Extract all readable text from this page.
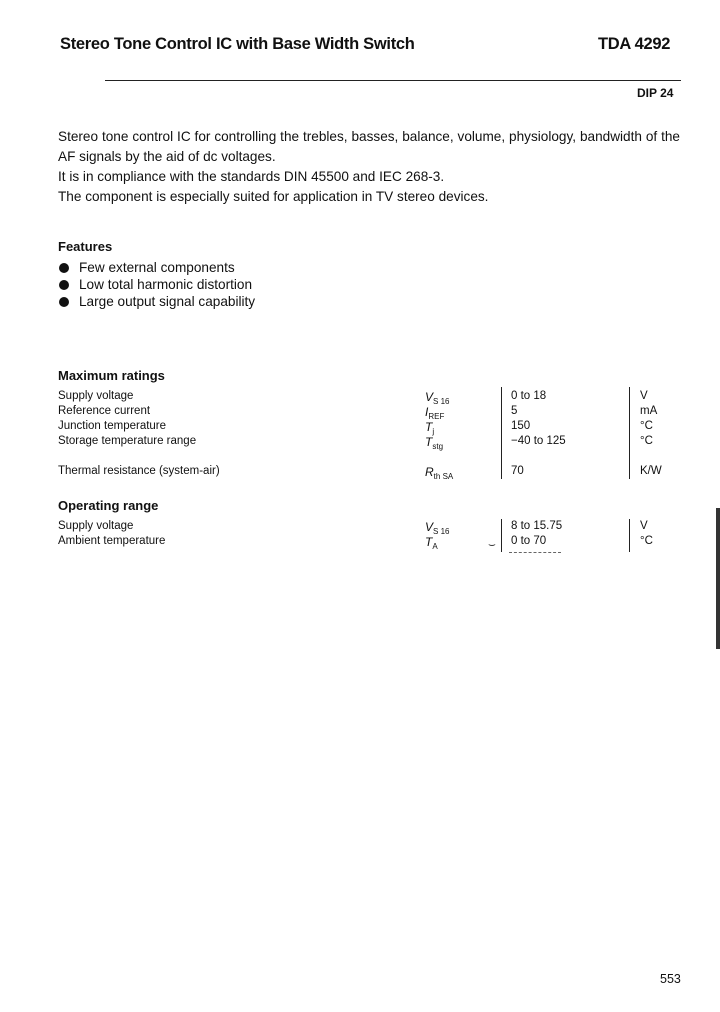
Stereo Tone Control IC with Base Width Switch	TDA 4292
DIP 24

Stereo tone control IC for controlling the trebles, basses, balance, volume, physiology, bandwidth of the AF signals by the aid of dc voltages.

It is in compliance with the standards DIN 45500 and IEC 268-3.

The component is especially suited for application in TV stereo devices.

Features
Few external components
Low total harmonic distortion
Large output signal capability
Maximum ratings
Supply voltage	$V_{S 16}$	0 to 18	V
Reference current	$I_{REF}$	5	mA
Junction temperature	$T_j$	150	°C
Storage temperature range	$T_{stg}$	−40 to 125	°C
Thermal resistance (system-air)	$R_{th SA}$	70	K/W
Operating range
Supply voltage	$V_{S 16}$	8 to 15.75	V
Ambient temperature	$T_A$	0 to 70	°C
⌣
553
